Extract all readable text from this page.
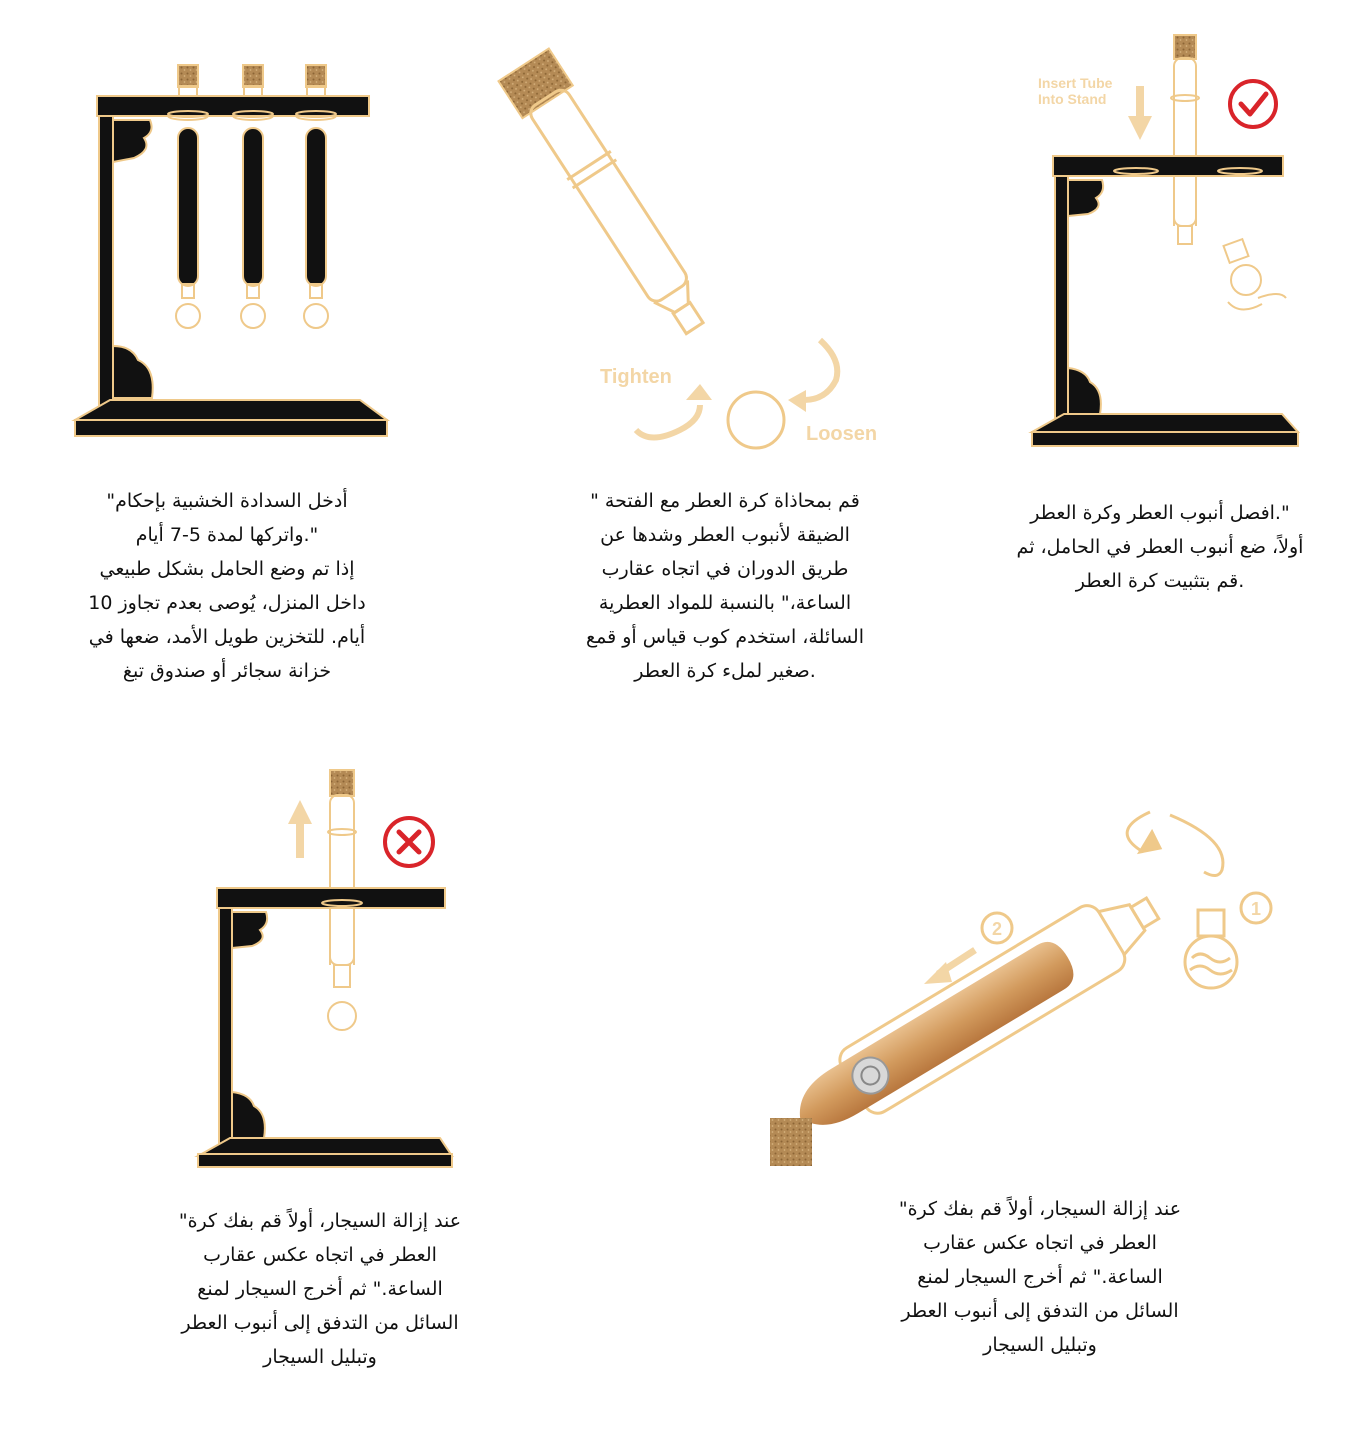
Tighten
Loosen
Insert Tube
Into Stand
2
1
".افصل أنبوب العطر وكرة العطر
أولاً، ضع أنبوب العطر في الحامل، ثم
.قم بتثبيت كرة العطر
قم بمحاذاة كرة العطر مع الفتحة "
الضيقة لأنبوب العطر وشدها عن
طريق الدوران في اتجاه عقارب
الساعة،" بالنسبة للمواد العطرية
السائلة، استخدم كوب قياس أو قمع
.صغير لملء كرة العطر
أدخل السدادة الخشبية بإحكام"
".واتركها لمدة 5-7 أيام
إذا تم وضع الحامل بشكل طبيعي
داخل المنزل، يُوصى بعدم تجاوز 10
أيام. للتخزين طويل الأمد، ضعها في
خزانة سجائر أو صندوق تبغ
عند إزالة السيجار، أولاً قم بفك كرة"
العطر في اتجاه عكس عقارب
الساعة." ثم أخرج السيجار لمنع
السائل من التدفق إلى أنبوب العطر
وتبليل السيجار
عند إزالة السيجار، أولاً قم بفك كرة"
العطر في اتجاه عكس عقارب
الساعة." ثم أخرج السيجار لمنع
السائل من التدفق إلى أنبوب العطر
وتبليل السيجار
